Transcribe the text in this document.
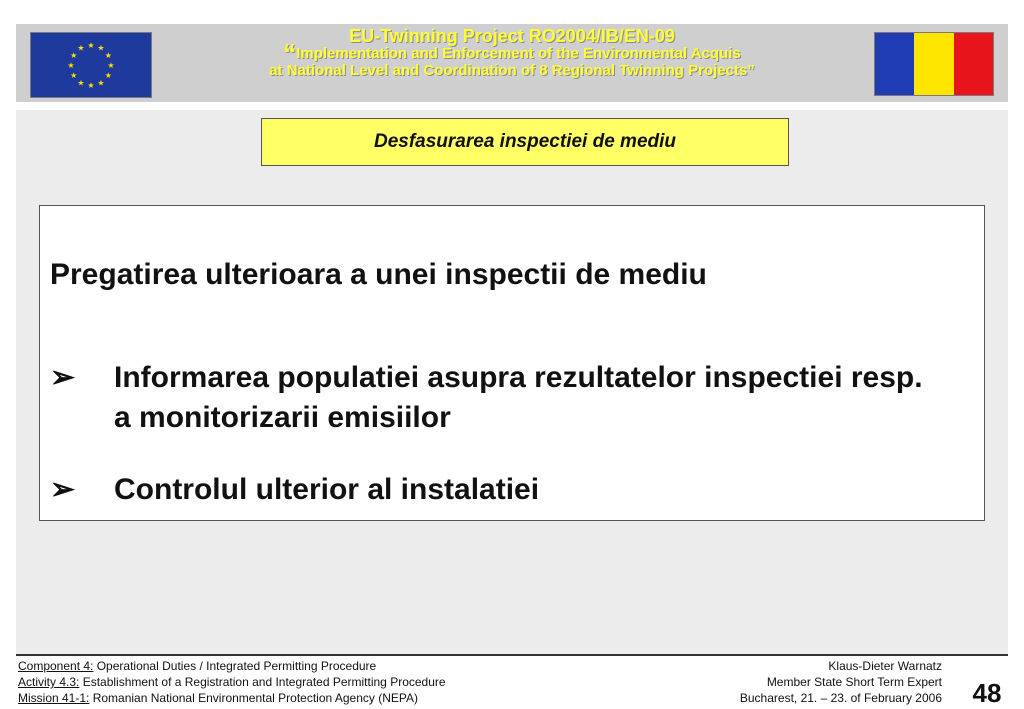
★ ★
★
★
★
★
★
★
★
★
★
★
EU-Twinning Project RO2004/IB/EN-09
“Implementation and Enforcement of the Environmental Acquis
at National Level and Coordination of 8 Regional Twinning Projects”
Desfasurarea inspectiei de mediu
Pregatirea ulterioara a unei inspectii de mediu
➢	Informarea populatiei asupra rezultatelor inspectiei resp. a monitorizarii emisiilor
➢	Controlul ulterior al instalatiei
Component 4: Operational Duties / Integrated Permitting Procedure
Activity 4.3: Establishment of a Registration and Integrated Permitting Procedure
Mission 41-1: Romanian National Environmental Protection Agency (NEPA)
Klaus-Dieter Warnatz
Member State Short Term Expert
Bucharest, 21. – 23. of February 2006	48
